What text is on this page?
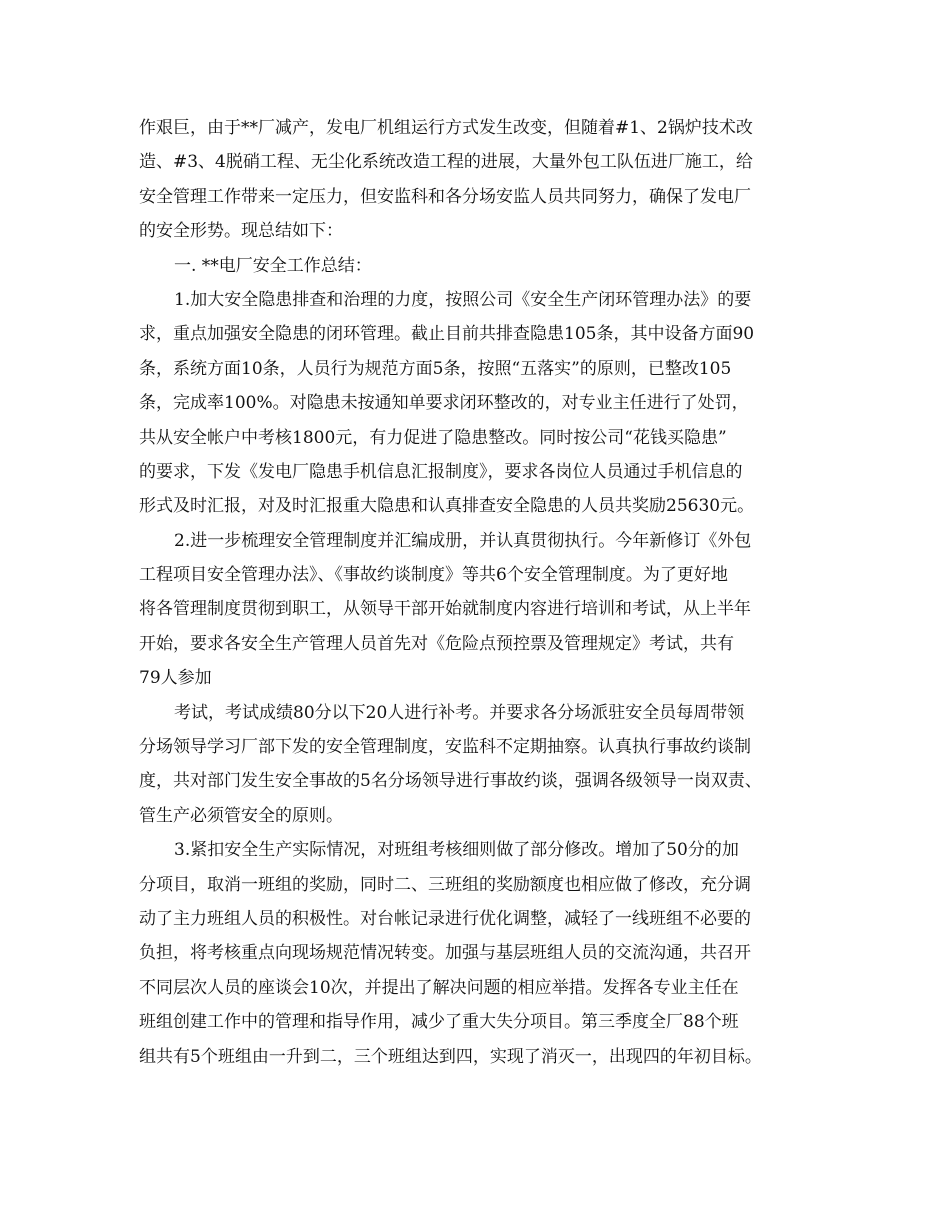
作艰巨，由于**厂减产，发电厂机组运行方式发生改变，但随着#1、2锅炉技术改
造、#3、4脱硝工程、无尘化系统改造工程的进展，大量外包工队伍进厂施工，给
安全管理工作带来一定压力，但安监科和各分场安监人员共同努力，确保了发电厂
的安全形势。现总结如下：
一. **电厂安全工作总结：
1.加大安全隐患排查和治理的力度，按照公司《安全生产闭环管理办法》的要
求，重点加强安全隐患的闭环管理。截止目前共排查隐患105条，其中设备方面90
条，系统方面10条，人员行为规范方面5条，按照“五落实”的原则，已整改105
条，完成率100%。对隐患未按通知单要求闭环整改的，对专业主任进行了处罚，
共从安全帐户中考核1800元，有力促进了隐患整改。同时按公司“花钱买隐患”
的要求，下发《发电厂隐患手机信息汇报制度》，要求各岗位人员通过手机信息的
形式及时汇报，对及时汇报重大隐患和认真排查安全隐患的人员共奖励25630元。
2.进一步梳理安全管理制度并汇编成册，并认真贯彻执行。今年新修订《外包
工程项目安全管理办法》、《事故约谈制度》等共6个安全管理制度。为了更好地
将各管理制度贯彻到职工，从领导干部开始就制度内容进行培训和考试，从上半年
开始，要求各安全生产管理人员首先对《危险点预控票及管理规定》考试，共有
79人参加
考试，考试成绩80分以下20人进行补考。并要求各分场派驻安全员每周带领
分场领导学习厂部下发的安全管理制度，安监科不定期抽察。认真执行事故约谈制
度，共对部门发生安全事故的5名分场领导进行事故约谈，强调各级领导一岗双责、
管生产必须管安全的原则。
3.紧扣安全生产实际情况，对班组考核细则做了部分修改。增加了50分的加
分项目，取消一班组的奖励，同时二、三班组的奖励额度也相应做了修改，充分调
动了主力班组人员的积极性。对台帐记录进行优化调整，减轻了一线班组不必要的
负担，将考核重点向现场规范情况转变。加强与基层班组人员的交流沟通，共召开
不同层次人员的座谈会10次，并提出了解决问题的相应举措。发挥各专业主任在
班组创建工作中的管理和指导作用，减少了重大失分项目。第三季度全厂88个班
组共有5个班组由一升到二，三个班组达到四，实现了消灭一，出现四的年初目标。
